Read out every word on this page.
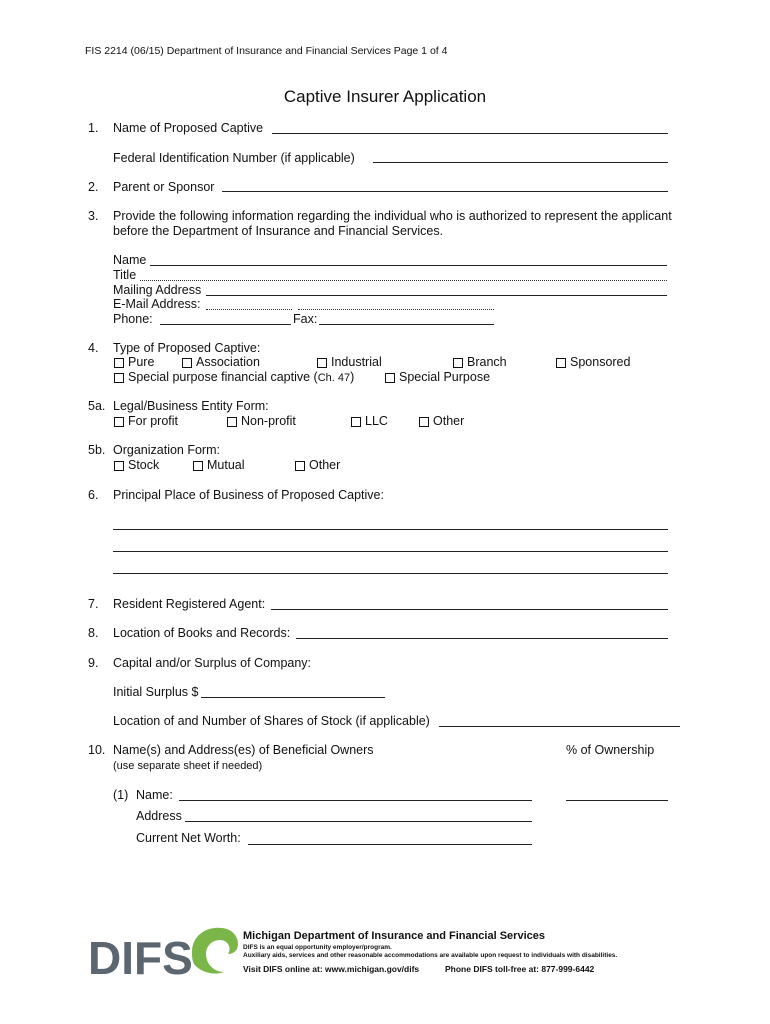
FIS 2214 (06/15) Department of Insurance and Financial Services Page 1 of 4
Captive Insurer Application
1. Name of Proposed Captive
Federal Identification Number (if applicable)
2. Parent or Sponsor
3. Provide the following information regarding the individual who is authorized to represent the applicant
before the Department of Insurance and Financial Services.
Name
Title
Mailing Address
E-Mail Address:
Phone:	Fax:
4. Type of Proposed Captive:
Pure	Association	Industrial	Branch	Sponsored
Special purpose financial captive (Ch. 47)	Special Purpose
5a. Legal/Business Entity Form:
For profit	Non-profit	LLC	Other
5b. Organization Form:
Stock	Mutual	Other
6. Principal Place of Business of Proposed Captive:
7. Resident Registered Agent:
8. Location of Books and Records:
9. Capital and/or Surplus of Company:
Initial Surplus $
Location of and Number of Shares of Stock (if applicable)
10. Name(s) and Address(es) of Beneficial Owners	% of Ownership
(use separate sheet if needed)
(1) Name:
Address
Current Net Worth:
DIFS	Michigan Department of Insurance and Financial Services
DIFS is an equal opportunity employer/program.
Auxiliary aids, services and other reasonable accommodations are available upon request to individuals with disabilities.
Visit DIFS online at: www.michigan.gov/difs	Phone DIFS toll-free at: 877-999-6442
